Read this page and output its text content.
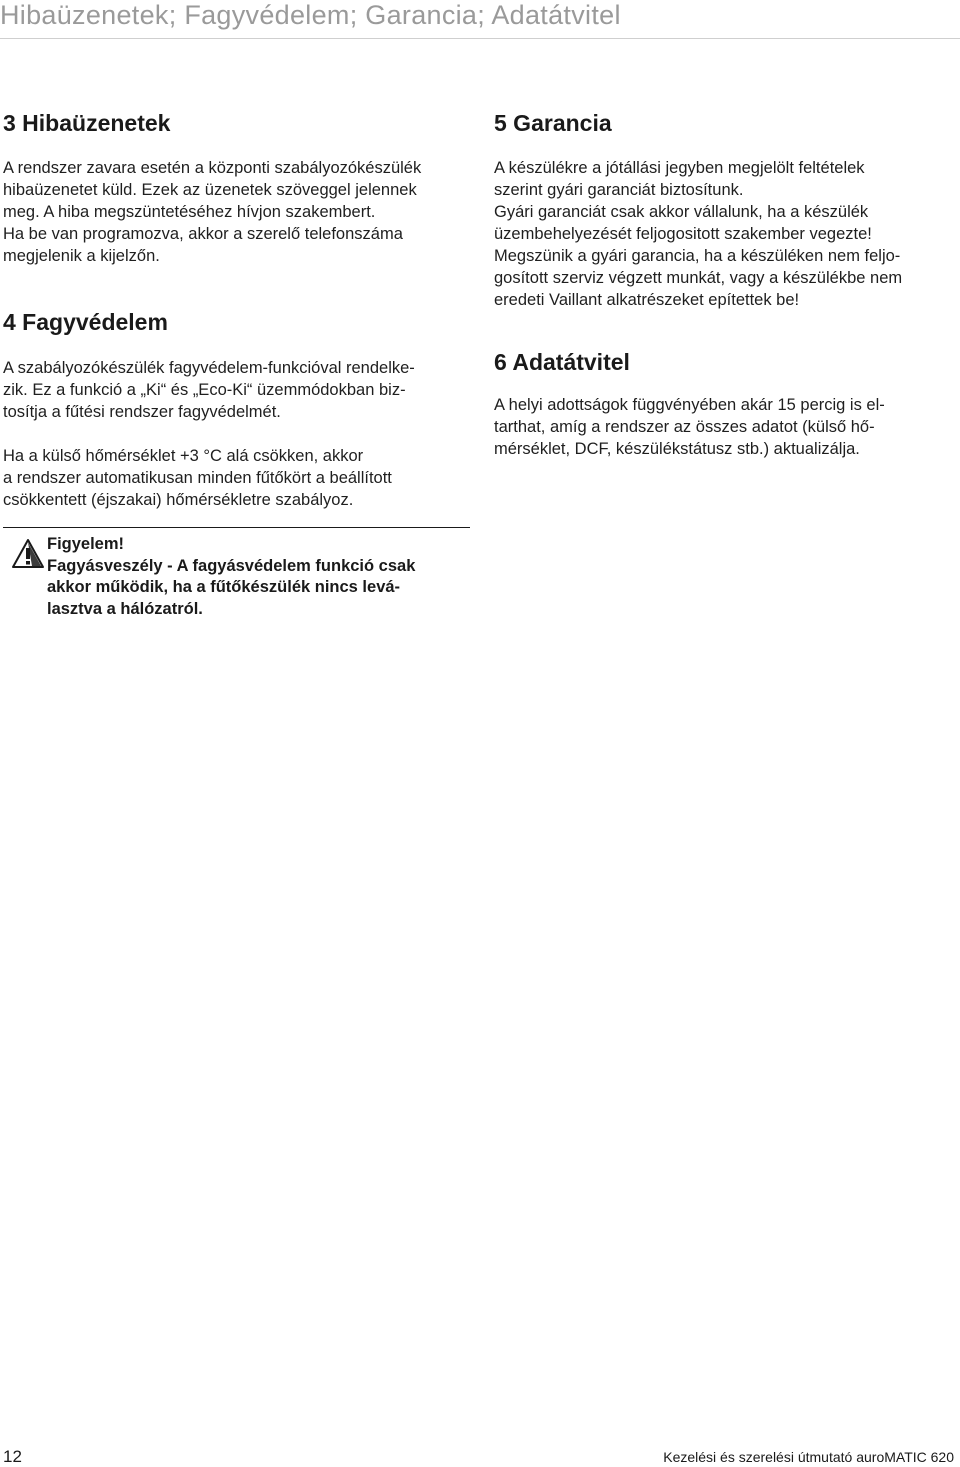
Hibaüzenetek; Fagyvédelem; Garancia; Adatátvitel
3 Hibaüzenetek

A rendszer zavara esetén a központi szabályozókészülék

hibaüzenetet küld. Ezek az üzenetek szöveggel jelennek

meg. A hiba megszüntetéséhez hívjon szakembert.

Ha be van programozva, akkor a szerelő telefonszáma

megjelenik a kijelzőn.

4 Fagyvédelem

A szabályozókészülék fagyvédelem-funkcióval rendelke-

zik. Ez a funkció a „Ki“ és „Eco-Ki“ üzemmódokban biz-

tosítja a fűtési rendszer fagyvédelmét.

Ha a külső hőmérséklet +3 °C alá csökken, akkor

a rendszer automatikusan minden fűtőkört a beállított

csökkentett (éjszakai) hőmérsékletre szabályoz.

Figyelem!
Fagyásveszély - A fagyásvédelem funkció csak
akkor működik, ha a fűtőkészülék nincs levá-
lasztva a hálózatról.
5 Garancia

A készülékre a jótállási jegyben megjelölt feltételek

szerint gyári garanciát biztosítunk.

Gyári garanciát csak akkor vállalunk, ha a készülék

üzembehelyezését feljogositott szakember vegezte!

Megszünik a gyári garancia, ha a készüléken nem feljo-

gosított szerviz végzett munkát, vagy a készülékbe nem

eredeti Vaillant alkatrészeket epítettek be!

6 Adatátvitel

A helyi adottságok függvényében akár 15 percig is el-

tarthat, amíg a rendszer az összes adatot (külső hő-

mérséklet, DCF, készülékstátusz stb.) aktualizálja.

12	Kezelési és szerelési útmutató auroMATIC 620
